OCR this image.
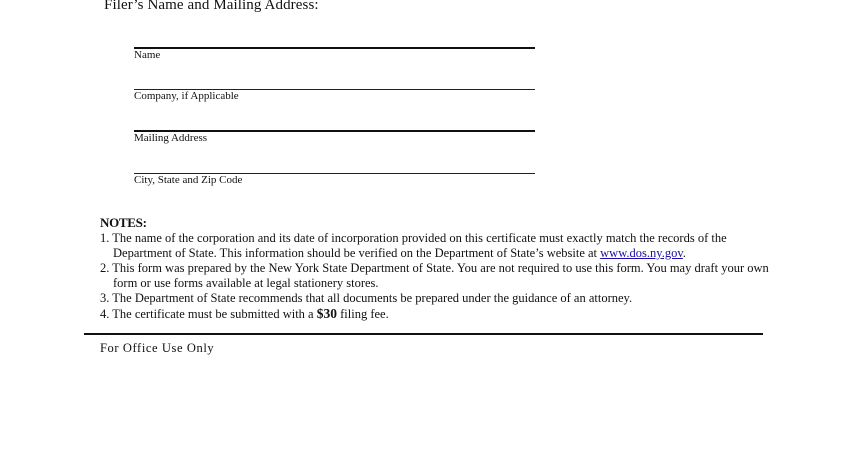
Filer’s Name and Mailing Address:
Name
Company, if Applicable
Mailing Address
City, State and Zip Code
NOTES:
1. The name of the corporation and its date of incorporation provided on this certificate must exactly match the records of the Department of State. This information should be verified on the Department of State’s website at www.dos.ny.gov.
2. This form was prepared by the New York State Department of State. You are not required to use this form. You may draft your own form or use forms available at legal stationery stores.
3. The Department of State recommends that all documents be prepared under the guidance of an attorney.
4. The certificate must be submitted with a $30 filing fee.
For Office Use Only
